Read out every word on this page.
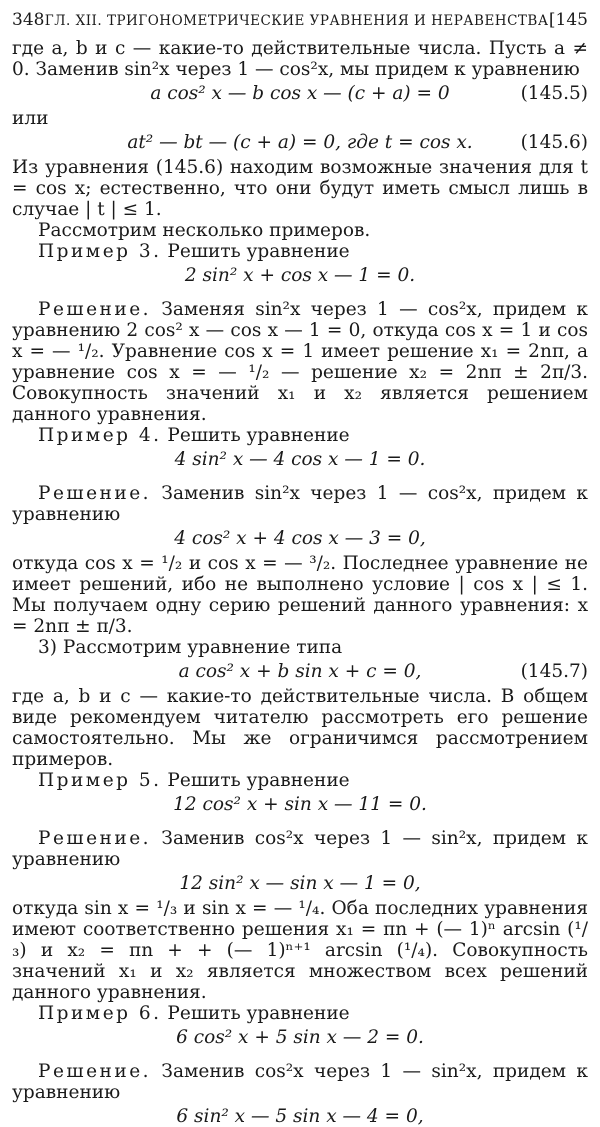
348 ГЛ. XII. ТРИГОНОМЕТРИЧЕСКИЕ УРАВНЕНИЯ И НЕРАВЕНСТВА [145

где a, b и c — какие-то действительные числа. Пусть a ≠ 0. Заменив sin²x через 1 — cos²x, мы придем к уравнению

a cos² x — b cos x — (c + a) = 0	(145.5)

или

at² — bt — (c + a) = 0, где t = cos x.	(145.6)

Из уравнения (145.6) находим возможные значения для t = cos x; естественно, что они будут иметь смысл лишь в случае | t | ≤ 1.

Рассмотрим несколько примеров.

Пример 3. Решить уравнение

2 sin² x + cos x — 1 = 0.

Решение. Заменяя sin²x через 1 — cos²x, придем к уравнению 2 cos² x — cos x — 1 = 0, откуда cos x = 1 и cos x = — ¹/₂. Уравнение cos x = 1 имеет решение x₁ = 2nπ, а уравнение cos x = — ¹/₂ — решение x₂ = 2nπ ± 2π/3. Совокупность значений x₁ и x₂ является решением данного уравнения.

Пример 4. Решить уравнение

4 sin² x — 4 cos x — 1 = 0.

Решение. Заменив sin²x через 1 — cos²x, придем к уравнению

4 cos² x + 4 cos x — 3 = 0,

откуда cos x = ¹/₂ и cos x = — ³/₂. Последнее уравнение не имеет решений, ибо не выполнено условие | cos x | ≤ 1. Мы получаем одну серию решений данного уравнения: x = 2nπ ± π/3.

3) Рассмотрим уравнение типа

a cos² x + b sin x + c = 0,	(145.7)

где a, b и c — какие-то действительные числа. В общем виде рекомендуем читателю рассмотреть его решение самостоятельно. Мы же ограничимся рассмотрением примеров.

Пример 5. Решить уравнение

12 cos² x + sin x — 11 = 0.

Решение. Заменив cos²x через 1 — sin²x, придем к уравнению

12 sin² x — sin x — 1 = 0,

откуда sin x = ¹/₃ и sin x = — ¹/₄. Оба последних уравнения имеют соответственно решения x₁ = πn + (— 1)ⁿ arcsin (¹/₃) и x₂ = πn + + (— 1)ⁿ⁺¹ arcsin (¹/₄). Совокупность значений x₁ и x₂ является множеством всех решений данного уравнения.

Пример 6. Решить уравнение

6 cos² x + 5 sin x — 2 = 0.

Решение. Заменив cos²x через 1 — sin²x, придем к уравнению

6 sin² x — 5 sin x — 4 = 0,
